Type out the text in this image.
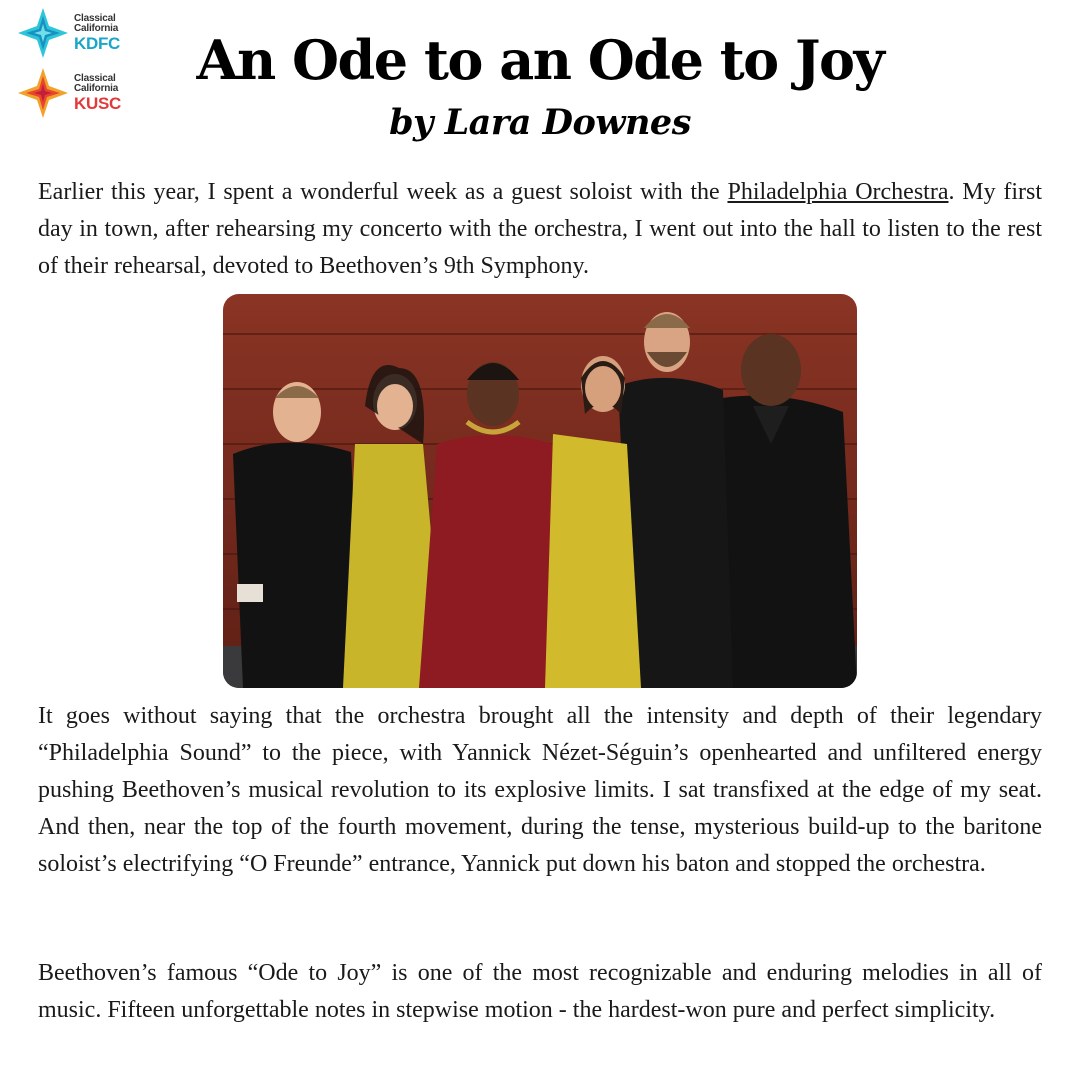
Classical
California
KDFC
Classical
California
KUSC
An Ode to an Ode to Joy
by Lara Downes

Earlier this year, I spent a wonderful week as a guest soloist with the Philadelphia Orchestra. My first day in town, after rehearsing my concerto with the orchestra, I went out into the hall to listen to the rest of their rehearsal, devoted to Beethoven’s 9th Symphony.

It goes without saying that the orchestra brought all the intensity and depth of their legendary “Philadelphia Sound” to the piece, with Yannick Nézet-Séguin’s openhearted and unfiltered energy pushing Beethoven’s musical revolution to its explosive limits. I sat transfixed at the edge of my seat. And then, near the top of the fourth movement, during the tense, mysterious build-up to the baritone soloist’s electrifying “O Freunde” entrance, Yannick put down his baton and stopped the orchestra.

Beethoven’s famous “Ode to Joy” is one of the most recognizable and enduring melodies in all of music. Fifteen unforgettable notes in stepwise motion - the hardest-won pure and perfect simplicity.
